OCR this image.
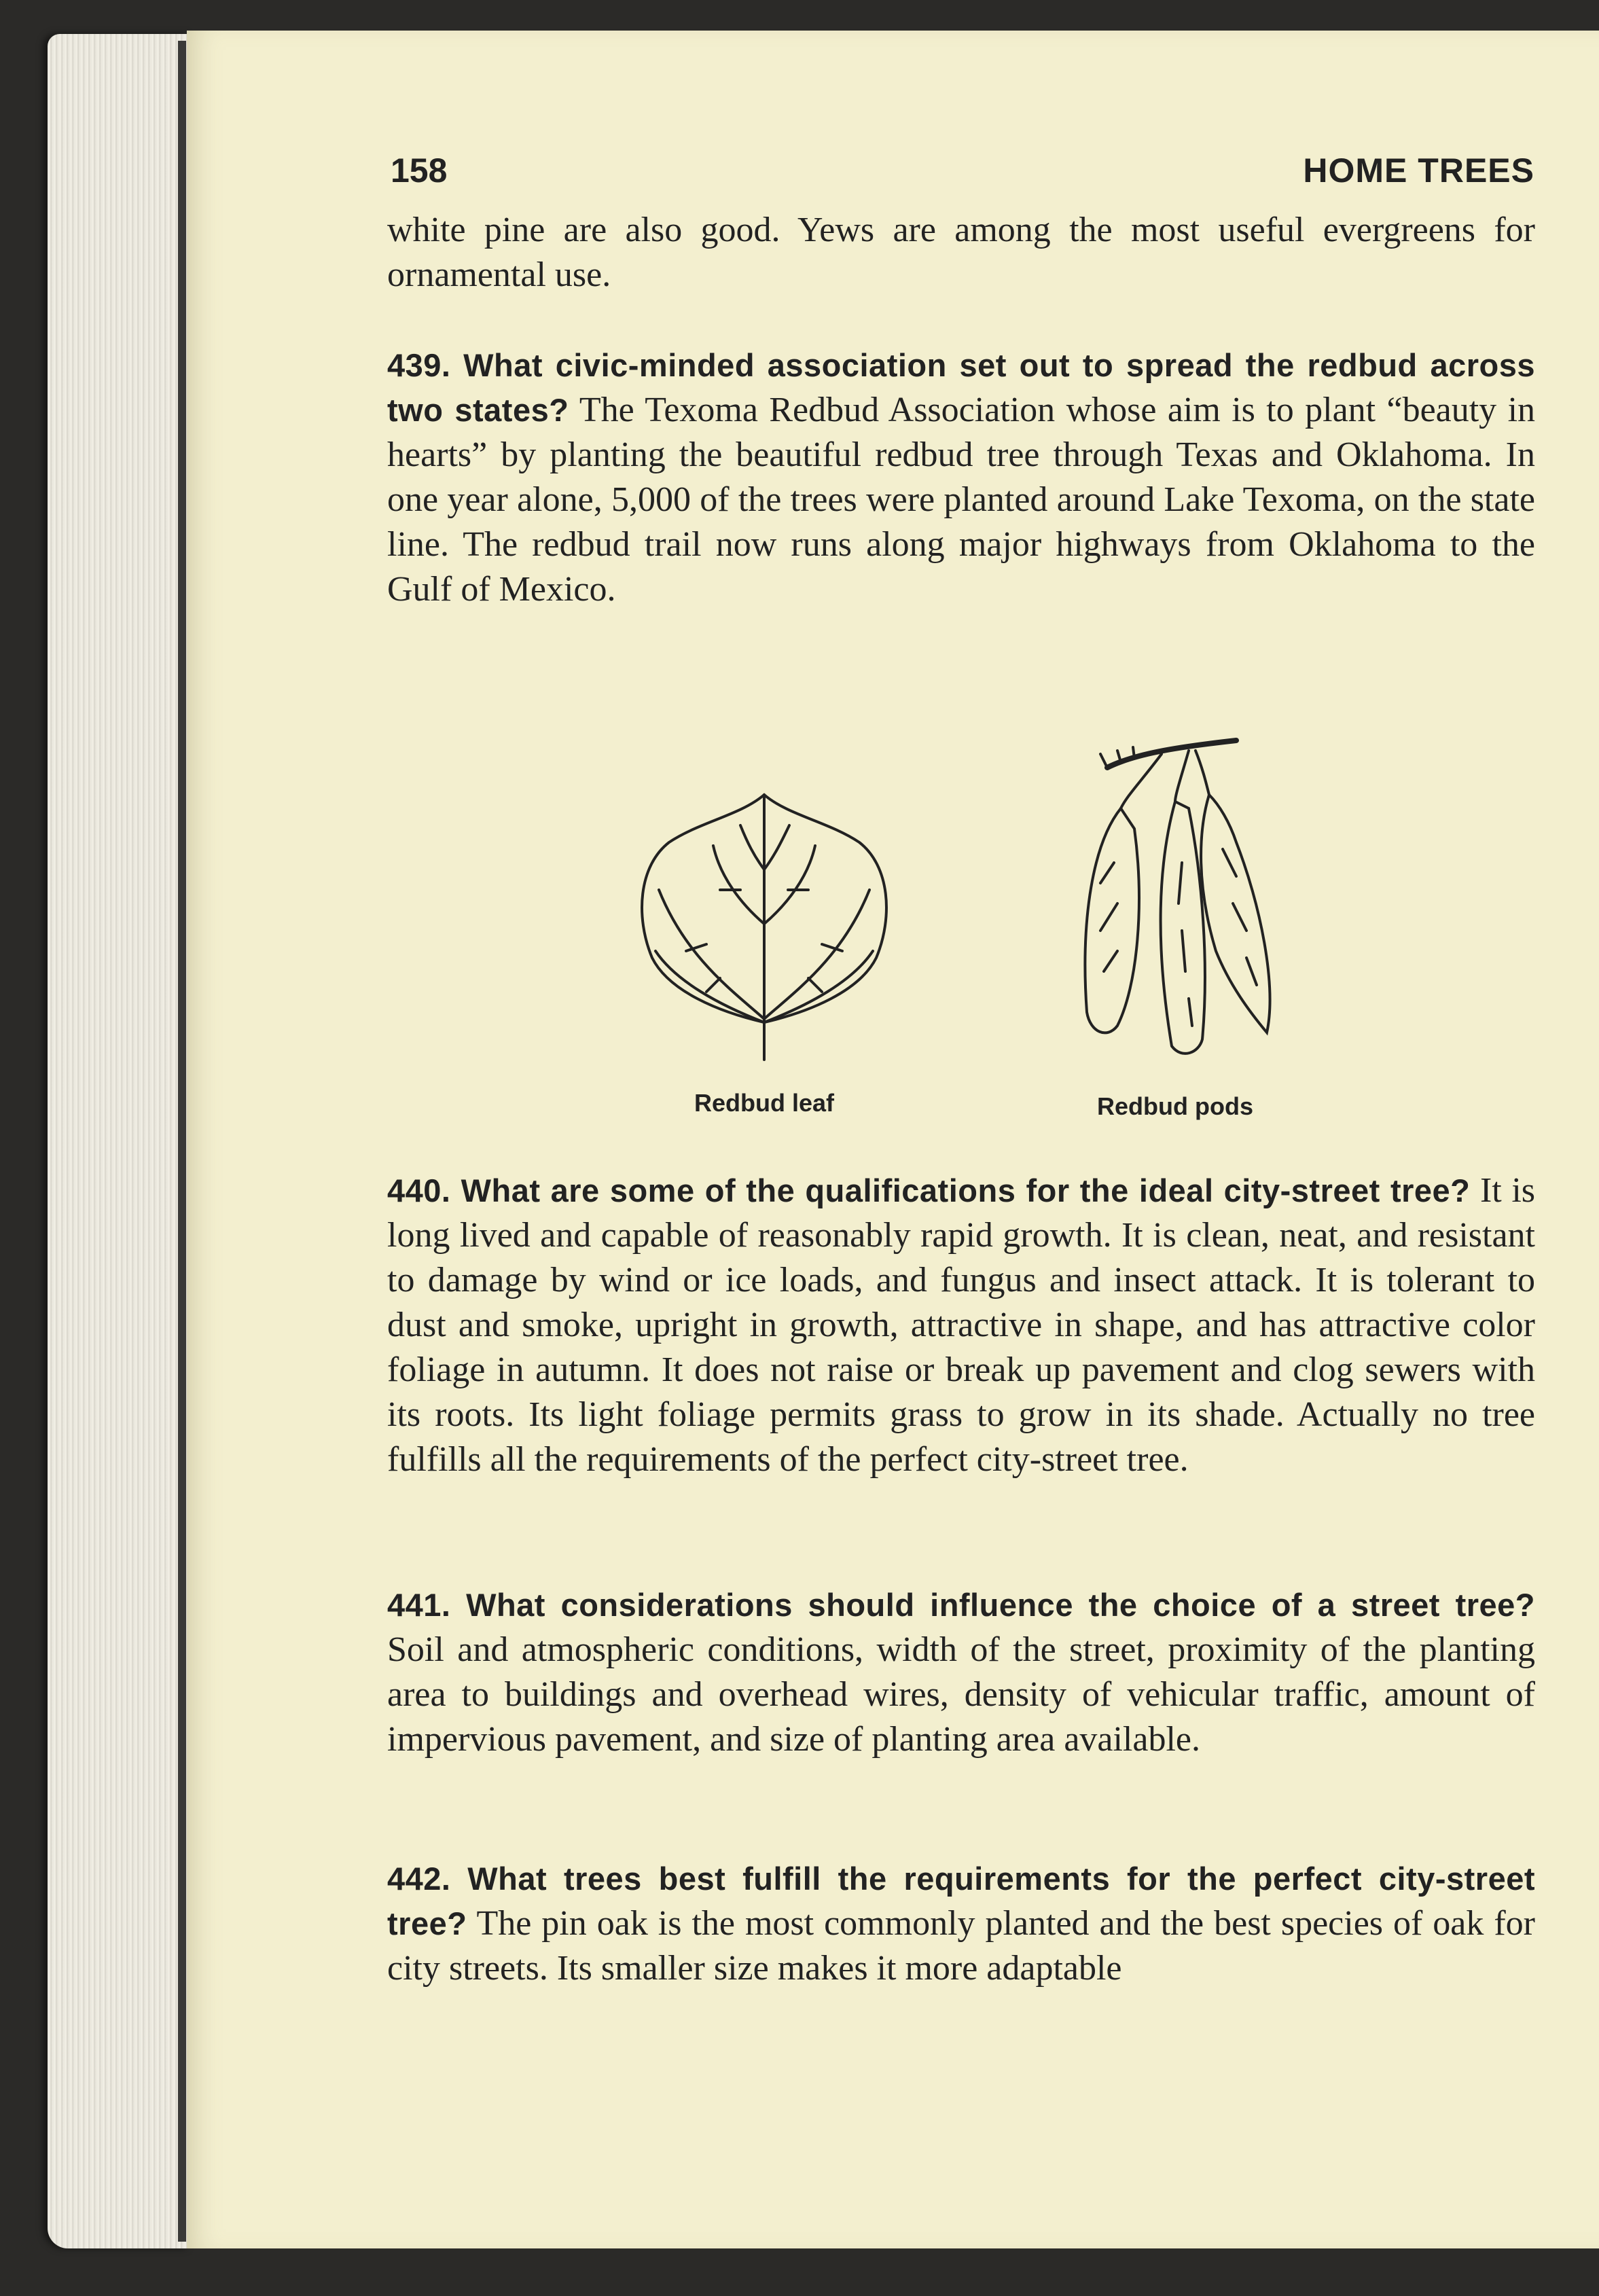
158	HOME TREES

white pine are also good. Yews are among the most useful evergreens for ornamental use.

439. What civic-minded association set out to spread the redbud across two states? The Texoma Redbud Association whose aim is to plant “beauty in hearts” by planting the beautiful redbud tree through Texas and Oklahoma. In one year alone, 5,000 of the trees were planted around Lake Texoma, on the state line. The redbud trail now runs along major highways from Oklahoma to the Gulf of Mexico.

Redbud leaf	Redbud pods

440. What are some of the qualifications for the ideal city-street tree? It is long lived and capable of reasonably rapid growth. It is clean, neat, and resistant to damage by wind or ice loads, and fungus and insect attack. It is tolerant to dust and smoke, upright in growth, attractive in shape, and has attractive color foliage in autumn. It does not raise or break up pavement and clog sewers with its roots. Its light foliage permits grass to grow in its shade. Actually no tree fulfills all the requirements of the perfect city-street tree.

441. What considerations should influence the choice of a street tree? Soil and atmospheric conditions, width of the street, proximity of the planting area to buildings and overhead wires, density of vehicular traffic, amount of impervious pavement, and size of planting area available.

442. What trees best fulfill the requirements for the perfect city-street tree? The pin oak is the most commonly planted and the best species of oak for city streets. Its smaller size makes it more adaptable
